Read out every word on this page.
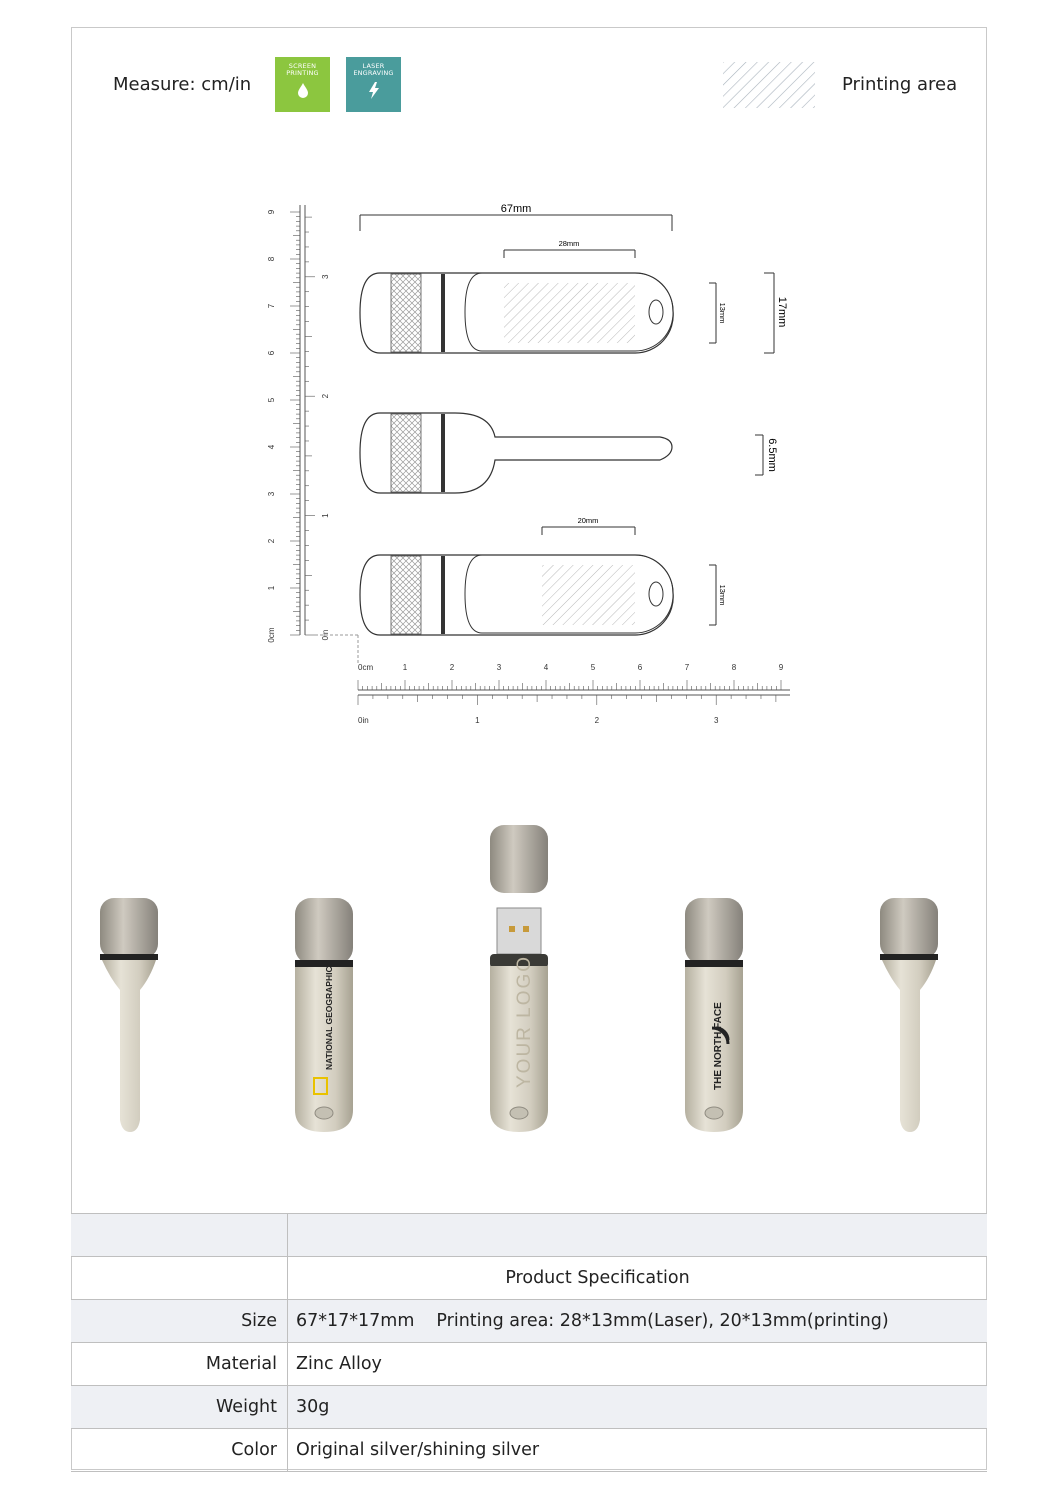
Measure: cm/in
SCREEN PRINTING
LASER ENGRAVING
Printing area
0cm
1
2
3
4
5
6
7
8
9
0in
1
2
3
67mm
28mm
13mm	17mm
6.5mm
20mm
13mm
0cm	1	2	3	4	5	6	7	8	9
0in	1	2	3
NATIONAL GEOGRAPHIC	YOUR LOGO	THE NORTH FACE

	Product Specification
Size	67*17*17mm Printing area: 28*13mm(Laser), 20*13mm(printing)
Material	Zinc Alloy
Weight	30g
Color	Original silver/shining silver
